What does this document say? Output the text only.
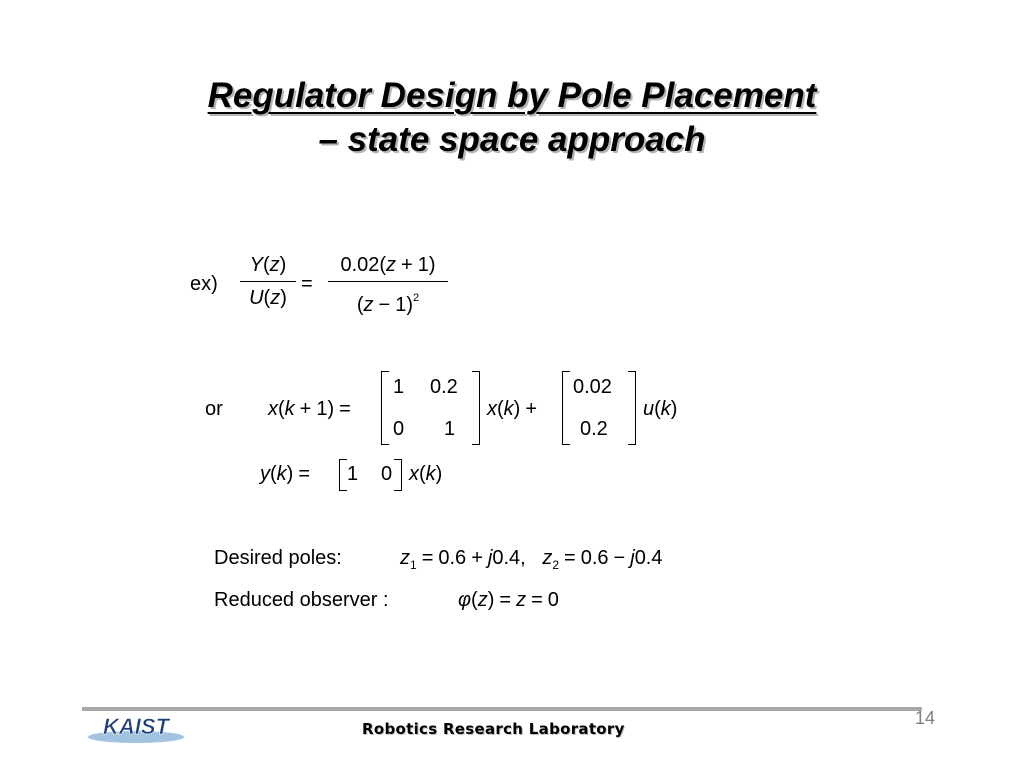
Regulator Design by Pole Placement
– state space approach
ex)
Y(z)
U(z)
=
0.02(z + 1)
$(z - 1)^2$
or x(k + 1) =
1 0.2
0 1
x(k) +
0.02
0.2
u(k)
y(k) = 1 0 x(k)
Desired poles:	$z_1 = 0.6 + j0.4$, $z_2 = 0.6 - j0.4$
Reduced observer :	φ(z) = z = 0
14
KAIST	Robotics Research Laboratory
